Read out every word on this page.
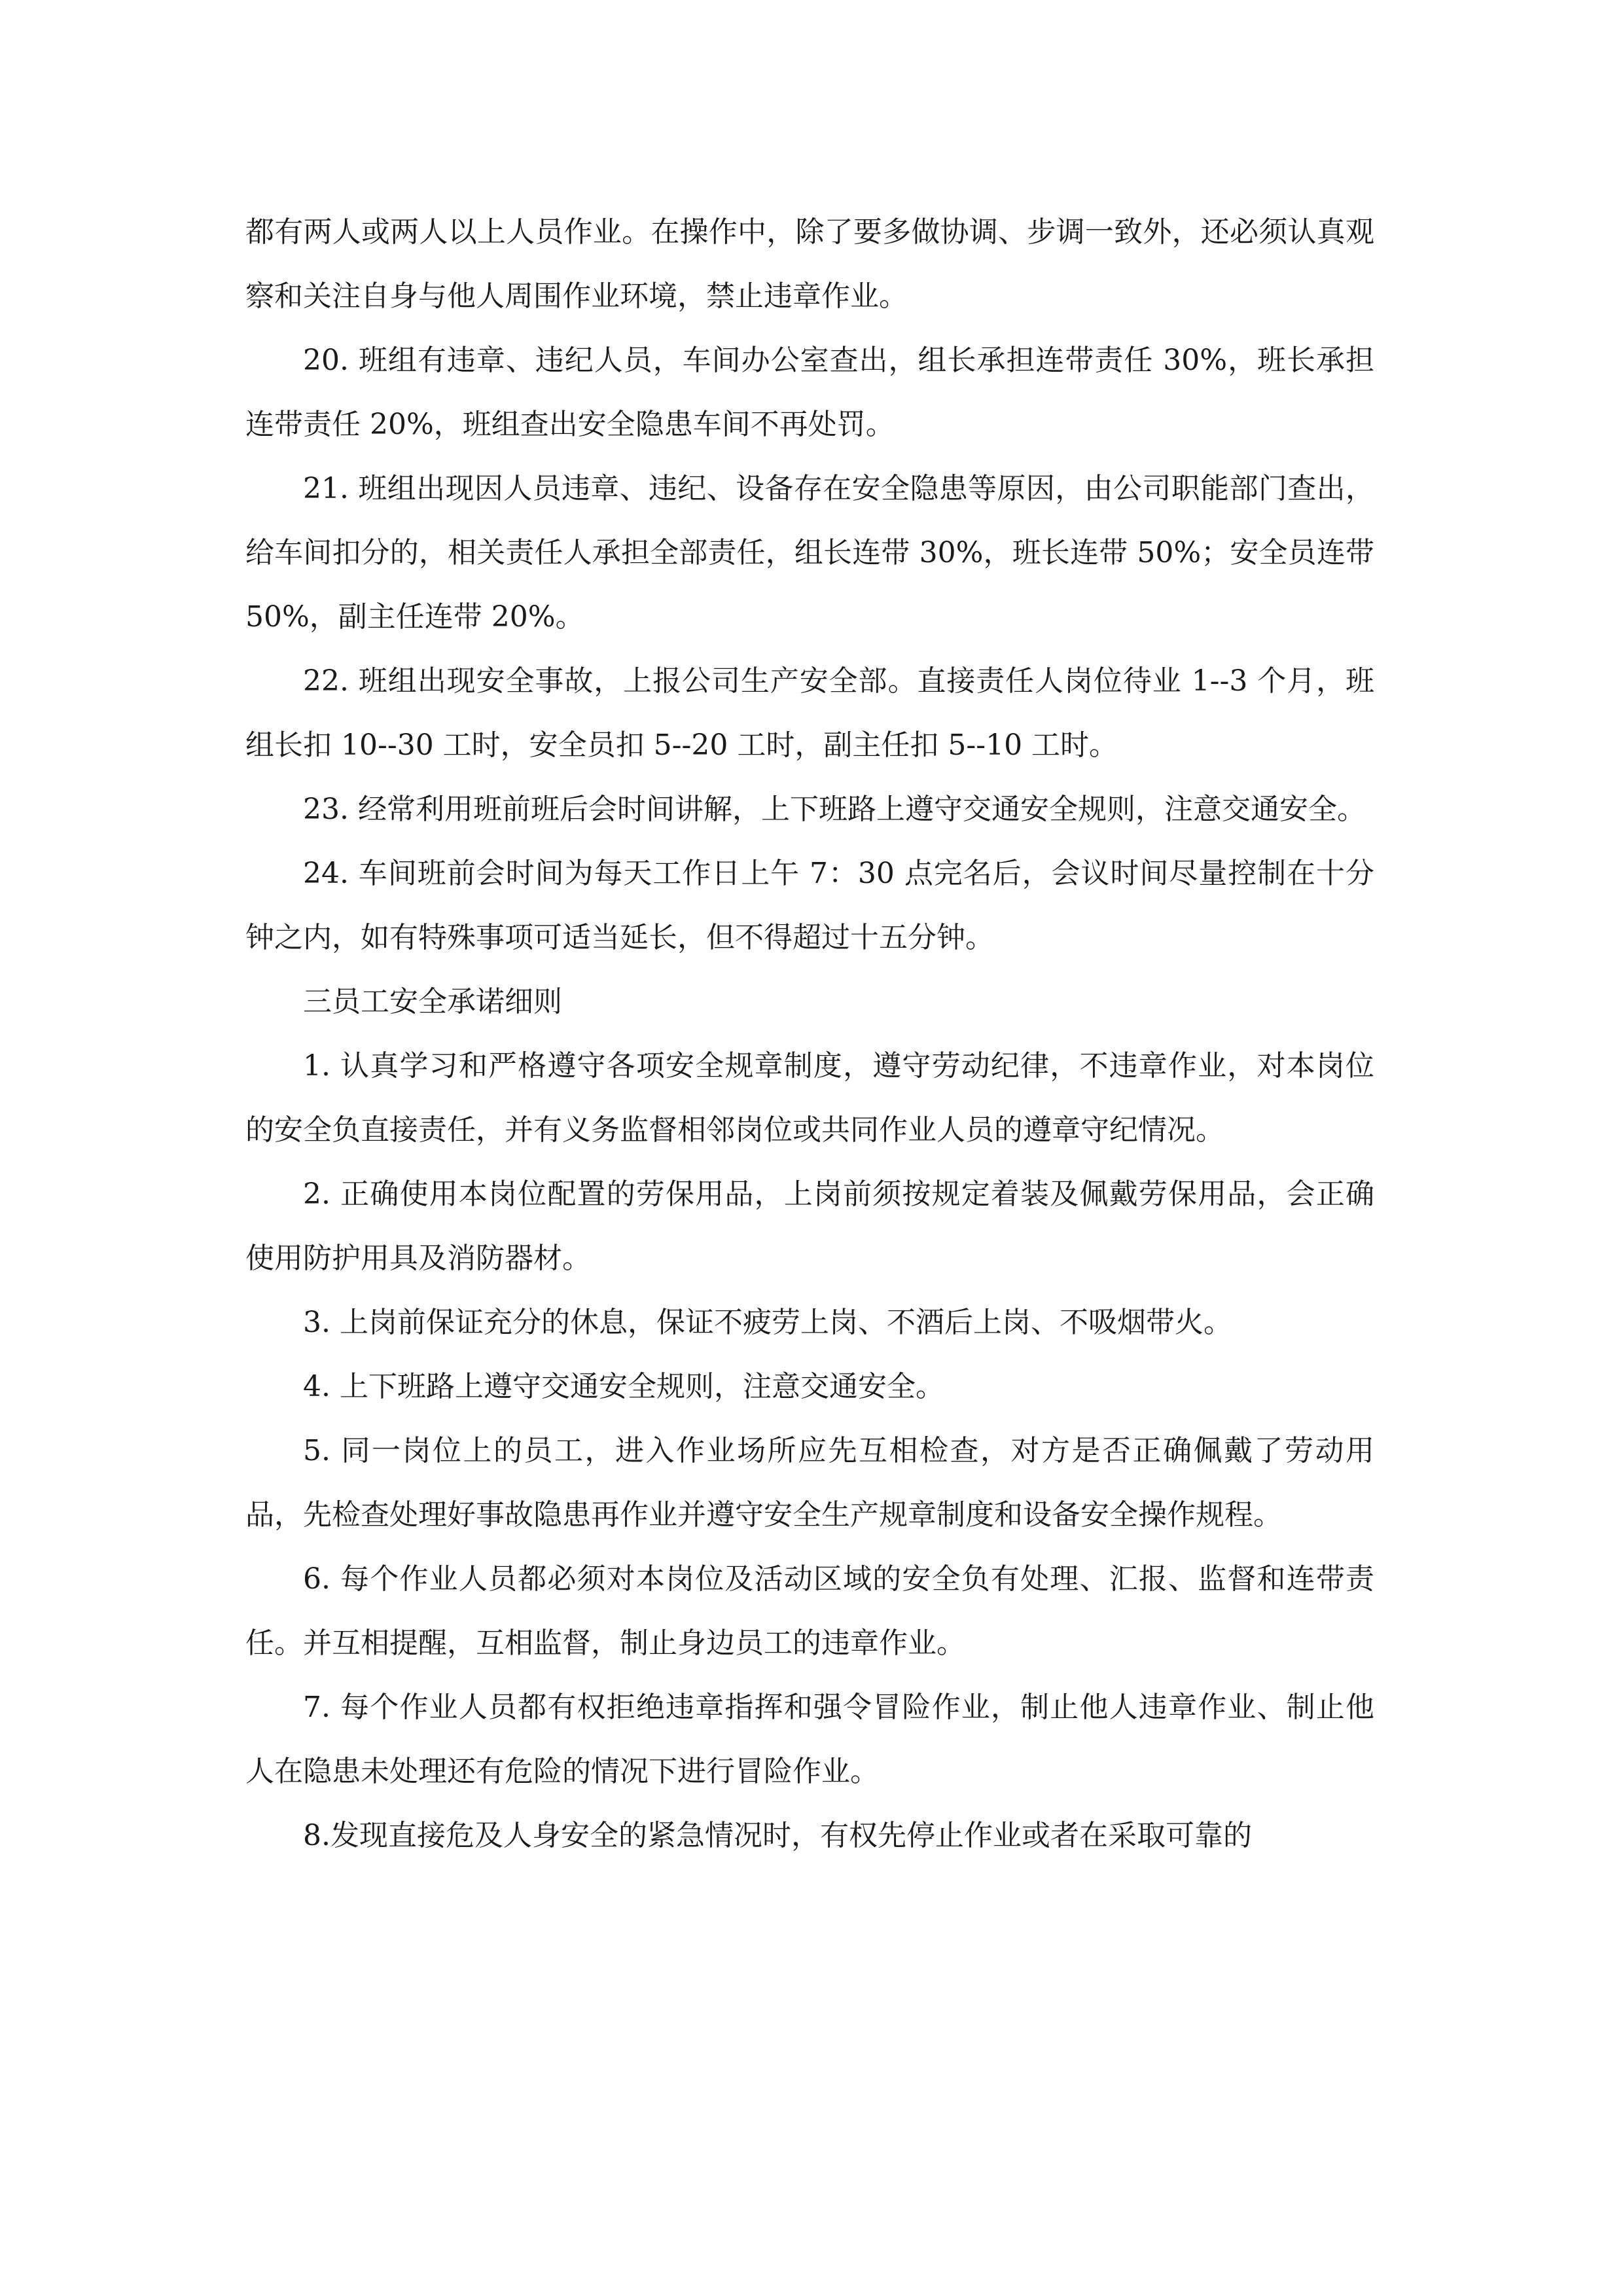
都有两人或两人以上人员作业。在操作中，除了要多做协调、步调一致外，还必须认真观察和关注自身与他人周围作业环境，禁止违章作业。

20. 班组有违章、违纪人员，车间办公室查出，组长承担连带责任 30%，班长承担连带责任 20%，班组查出安全隐患车间不再处罚。

21. 班组出现因人员违章、违纪、设备存在安全隐患等原因，由公司职能部门查出，给车间扣分的，相关责任人承担全部责任，组长连带 30%，班长连带 50%；安全员连带 50%，副主任连带 20%。

22. 班组出现安全事故，上报公司生产安全部。直接责任人岗位待业 1--3 个月，班组长扣 10--30 工时，安全员扣 5--20 工时，副主任扣 5--10 工时。

23. 经常利用班前班后会时间讲解，上下班路上遵守交通安全规则，注意交通安全。

24. 车间班前会时间为每天工作日上午 7：30 点完名后，会议时间尽量控制在十分钟之内，如有特殊事项可适当延长，但不得超过十五分钟。

三员工安全承诺细则

1. 认真学习和严格遵守各项安全规章制度，遵守劳动纪律，不违章作业，对本岗位的安全负直接责任，并有义务监督相邻岗位或共同作业人员的遵章守纪情况。

2. 正确使用本岗位配置的劳保用品，上岗前须按规定着装及佩戴劳保用品，会正确使用防护用具及消防器材。

3. 上岗前保证充分的休息，保证不疲劳上岗、不酒后上岗、不吸烟带火。

4. 上下班路上遵守交通安全规则，注意交通安全。

5. 同一岗位上的员工，进入作业场所应先互相检查，对方是否正确佩戴了劳动用品，先检查处理好事故隐患再作业并遵守安全生产规章制度和设备安全操作规程。

6. 每个作业人员都必须对本岗位及活动区域的安全负有处理、汇报、监督和连带责任。并互相提醒，互相监督，制止身边员工的违章作业。

7. 每个作业人员都有权拒绝违章指挥和强令冒险作业，制止他人违章作业、制止他人在隐患未处理还有危险的情况下进行冒险作业。

8.发现直接危及人身安全的紧急情况时，有权先停止作业或者在采取可靠的
